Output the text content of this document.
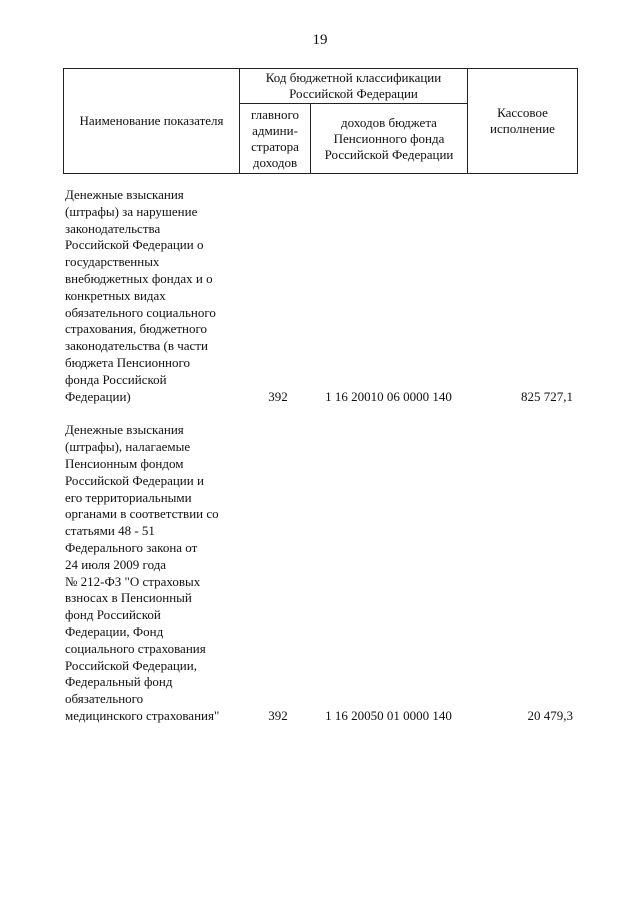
19
Наименование показателя	Код бюджетной классификации Российской Федерации		Кассовое исполнение
	главного админи-стратора доходов	доходов бюджета Пенсионного фонда Российской Федерации	
Денежные взыскания
(штрафы) за нарушение
законодательства
Российской Федерации о
государственных
внебюджетных фондах и о
конкретных видах
обязательного социального
страхования, бюджетного
законодательства (в части
бюджета Пенсионного
фонда Российской
Федерации)	392	1 16 20010 06 0000 140	825 727,1
Денежные взыскания
(штрафы), налагаемые
Пенсионным фондом
Российской Федерации и
его территориальными
органами в соответствии со
статьями 48 - 51
Федерального закона от
24 июля 2009 года
№ 212-ФЗ "О страховых
взносах в Пенсионный
фонд Российской
Федерации, Фонд
социального страхования
Российской Федерации,
Федеральный фонд
обязательного
медицинского страхования"	392	1 16 20050 01 0000 140	20 479,3
